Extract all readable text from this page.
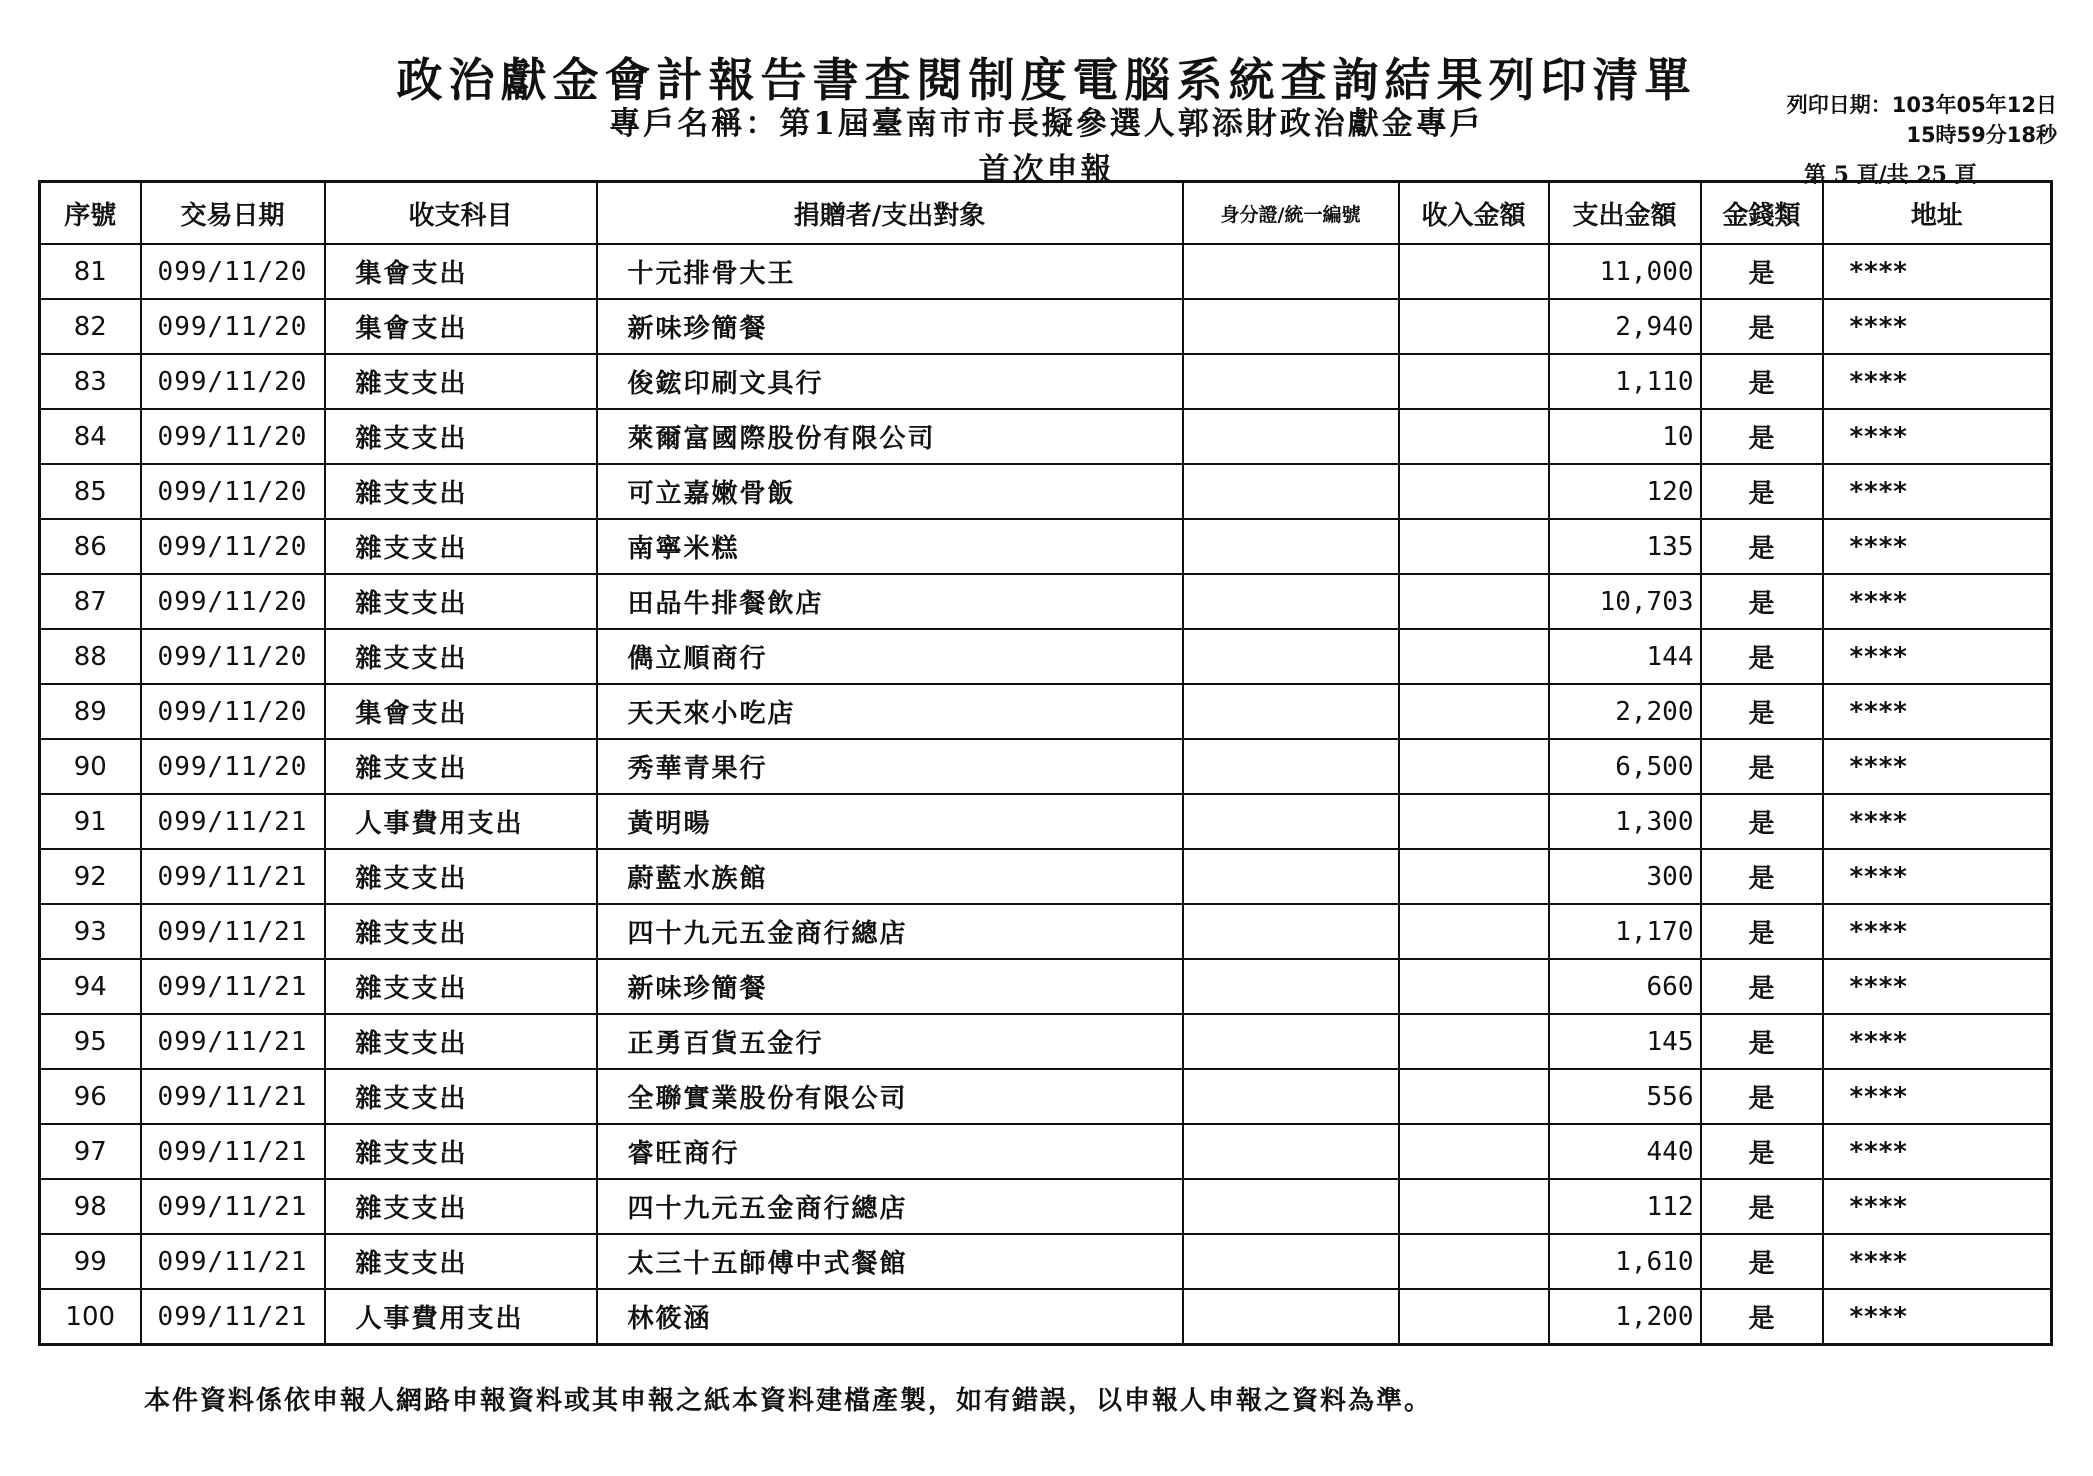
政治獻金會計報告書查閱制度電腦系統查詢結果列印清單
專戶名稱：第1屆臺南市市長擬參選人郭添財政治獻金專戶
首次申報
列印日期：103年05年12日
15時59分18秒
第 5 頁/共 25 頁
序號	交易日期	收支科目	捐贈者/支出對象	身分證/統一編號	收入金額	支出金額	金錢類	地址
81	099/11/20	集會支出	十元排骨大王			11,000	是	****
82	099/11/20	集會支出	新味珍簡餐			2,940	是	****
83	099/11/20	雜支支出	俊鋐印刷文具行			1,110	是	****
84	099/11/20	雜支支出	萊爾富國際股份有限公司			10	是	****
85	099/11/20	雜支支出	可立嘉嫩骨飯			120	是	****
86	099/11/20	雜支支出	南寧米糕			135	是	****
87	099/11/20	雜支支出	田品牛排餐飲店			10,703	是	****
88	099/11/20	雜支支出	儁立順商行			144	是	****
89	099/11/20	集會支出	天天來小吃店			2,200	是	****
90	099/11/20	雜支支出	秀華青果行			6,500	是	****
91	099/11/21	人事費用支出	黃明暘			1,300	是	****
92	099/11/21	雜支支出	蔚藍水族館			300	是	****
93	099/11/21	雜支支出	四十九元五金商行總店			1,170	是	****
94	099/11/21	雜支支出	新味珍簡餐			660	是	****
95	099/11/21	雜支支出	正勇百貨五金行			145	是	****
96	099/11/21	雜支支出	全聯實業股份有限公司			556	是	****
97	099/11/21	雜支支出	睿旺商行			440	是	****
98	099/11/21	雜支支出	四十九元五金商行總店			112	是	****
99	099/11/21	雜支支出	太三十五師傅中式餐館			1,610	是	****
100	099/11/21	人事費用支出	林筱涵			1,200	是	****
本件資料係依申報人網路申報資料或其申報之紙本資料建檔產製，如有錯誤，以申報人申報之資料為準。
